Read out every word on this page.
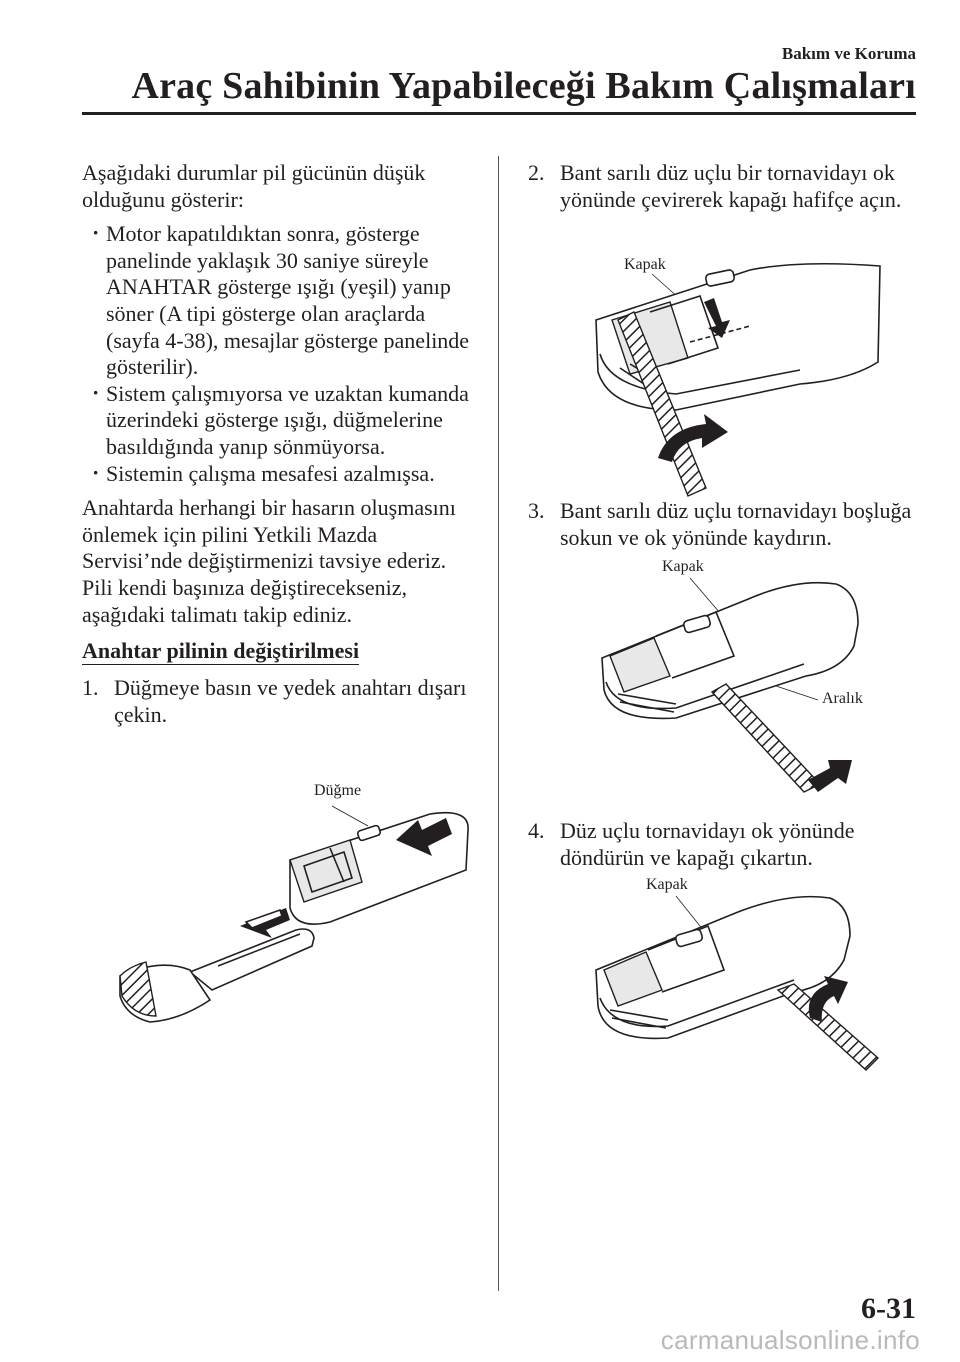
Bakım ve Koruma
Araç Sahibinin Yapabileceği Bakım Çalışmaları

Aşağıdaki durumlar pil gücünün düşük olduğunu gösterir:

· Motor kapatıldıktan sonra, gösterge panelinde yaklaşık 30 saniye süreyle ANAHTAR gösterge ışığı (yeşil) yanıp söner (A tipi gösterge olan araçlarda (sayfa 4-38), mesajlar gösterge panelinde gösterilir).
· Sistem çalışmıyorsa ve uzaktan kumanda üzerindeki gösterge ışığı, düğmelerine basıldığında yanıp sönmüyorsa.
· Sistemin çalışma mesafesi azalmışsa.

Anahtarda herhangi bir hasarın oluşmasını önlemek için pilini Yetkili Mazda Servisi’nde değiştirmenizi tavsiye ederiz. Pili kendi başınıza değiştirecekseniz, aşağıdaki talimatı takip ediniz.

Anahtar pilinin değiştirilmesi
1. Düğmeye basın ve yedek anahtarı dışarı çekin.
Düğme
2. Bant sarılı düz uçlu bir tornavidayı ok yönünde çevirerek kapağı hafifçe açın.
Kapak
3. Bant sarılı düz uçlu tornavidayı boşluğa sokun ve ok yönünde kaydırın.
Kapak
Aralık
4. Düz uçlu tornavidayı ok yönünde döndürün ve kapağı çıkartın.
Kapak
6-31
carmanualsonline.info
